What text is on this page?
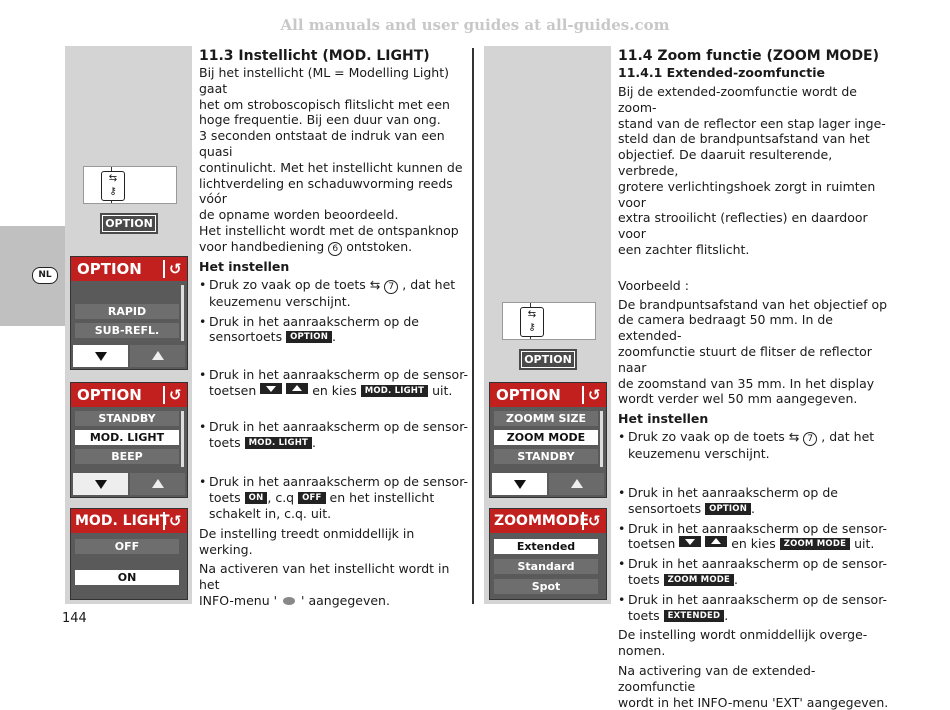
All manuals and user guides at all-guides.com
NL
⇆
⚷
OPTION
OPTION
↺
RAPID
SUB-REFL.
OPTION
↺
STANDBY
MOD. LIGHT
BEEP
MOD. LIGHT
↺
OFF
ON
⇆
⚷
OPTION
OPTION
↺
ZOOMM SIZE
ZOOM MODE
STANDBY
ZOOMMODE
↺
Extended
Standard
Spot

11.3 Instellicht (MOD. LIGHT)

Bij het instellicht (ML = Modelling Light) gaat

het om stroboscopisch flitslicht met een

hoge frequentie. Bij een duur van ong.

3 seconden ontstaat de indruk van een quasi

continulicht. Met het instellicht kunnen de

lichtverdeling en schaduwvorming reeds vóór

de opname worden beoordeeld.

Het instellicht wordt met de ontspanknop

voor handbediening 6 ontstoken.

Het instellen

• Druk zo vaak op de toets ⇆ 7 , dat het
keuzemenu verschijnt.
• Druk in het aanraakscherm op de
sensortoets OPTION .
• Druk in het aanraakscherm op de sensor-
toetsen	en kies MOD. LIGHT uit.
• Druk in het aanraakscherm op de sensor-
toets MOD. LIGHT .
• Druk in het aanraakscherm op de sensor-
toets ON , c.q OFF en het instellicht
schakelt in, c.q. uit.

De instelling treedt onmiddellijk in werking.

Na activeren van het instellicht wordt in het

INFO-menu ' ' aangegeven.

11.4 Zoom functie (ZOOM MODE)

11.4.1 Extended-zoomfunctie

Bij de extended-zoomfunctie wordt de zoom-

stand van de reflector een stap lager inge-

steld dan de brandpuntsafstand van het

objectief. De daaruit resulterende, verbrede,

grotere verlichtingshoek zorgt in ruimten voor

extra strooilicht (reflecties) en daardoor voor

een zachter flitslicht.

Voorbeeld :

De brandpuntsafstand van het objectief op

de camera bedraagt 50 mm. In de extended-

zoomfunctie stuurt de flitser de reflector naar

de zoomstand van 35 mm. In het display

wordt verder wel 50 mm aangegeven.

Het instellen

• Druk zo vaak op de toets ⇆ 7 , dat het
keuzemenu verschijnt.
• Druk in het aanraakscherm op de
sensortoets OPTION .
• Druk in het aanraakscherm op de sensor-
toetsen	en kies ZOOM MODE uit.
• Druk in het aanraakscherm op de sensor-
toets ZOOM MODE .
• Druk in het aanraakscherm op de sensor-
toets EXTENDED .

De instelling wordt onmiddellijk overge-

nomen.

Na activering van de extended-zoomfunctie

wordt in het INFO-menu 'EXT' aangegeven.

144
